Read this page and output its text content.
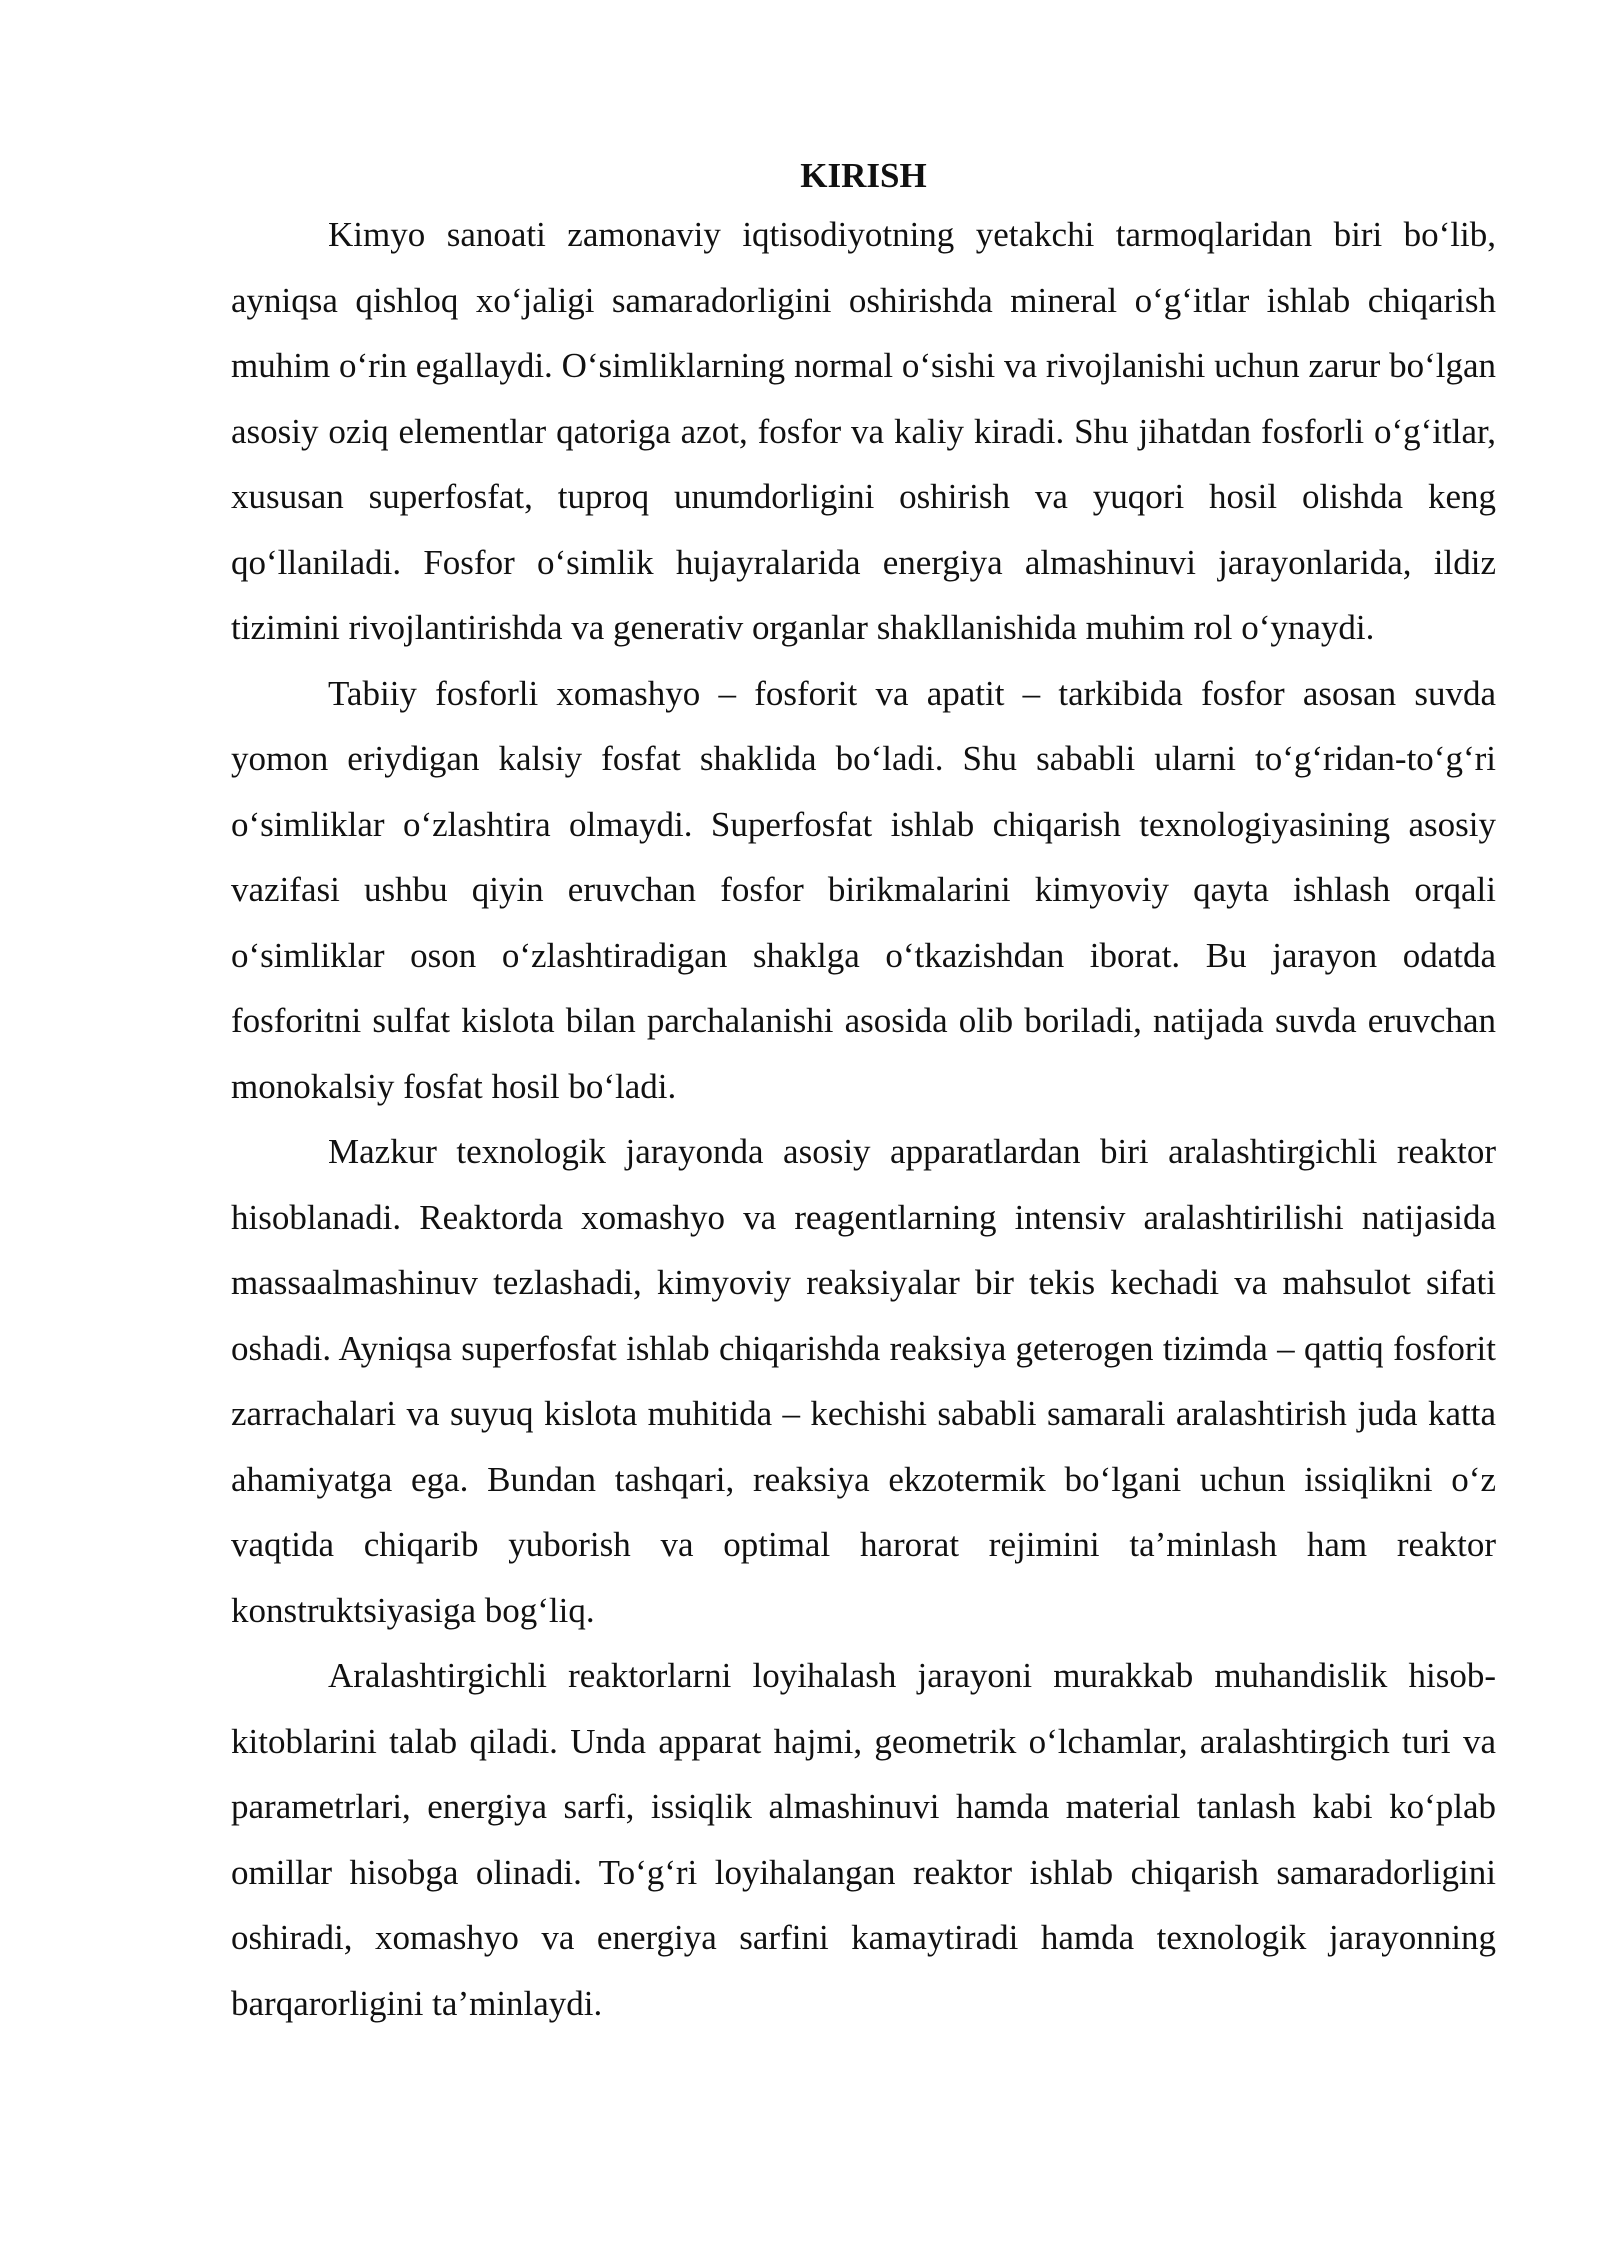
KIRISH

Kimyo sanoati zamonaviy iqtisodiyotning yetakchi tarmoqlaridan biri bo‘lib, ayniqsa qishloq xo‘jaligi samaradorligini oshirishda mineral o‘g‘itlar ishlab chiqarish muhim o‘rin egallaydi. O‘simliklarning normal o‘sishi va rivojlanishi uchun zarur bo‘lgan asosiy oziq elementlar qatoriga azot, fosfor va kaliy kiradi. Shu jihatdan fosforli o‘g‘itlar, xususan superfosfat, tuproq unumdorligini oshirish va yuqori hosil olishda keng qo‘llaniladi. Fosfor o‘simlik hujayralarida energiya almashinuvi jarayonlarida, ildiz tizimini rivojlantirishda va generativ organlar shakllanishida muhim rol o‘ynaydi.

Tabiiy fosforli xomashyo – fosforit va apatit – tarkibida fosfor asosan suvda yomon eriydigan kalsiy fosfat shaklida bo‘ladi. Shu sababli ularni to‘g‘ridan-to‘g‘ri o‘simliklar o‘zlashtira olmaydi. Superfosfat ishlab chiqarish texnologiyasining asosiy vazifasi ushbu qiyin eruvchan fosfor birikmalarini kimyoviy qayta ishlash orqali o‘simliklar oson o‘zlashtiradigan shaklga o‘tkazishdan iborat. Bu jarayon odatda fosforitni sulfat kislota bilan parchalanishi asosida olib boriladi, natijada suvda eruvchan monokalsiy fosfat hosil bo‘ladi.

Mazkur texnologik jarayonda asosiy apparatlardan biri aralashtirgichli reaktor hisoblanadi. Reaktorda xomashyo va reagentlarning intensiv aralashtirilishi natijasida massaalmashinuv tezlashadi, kimyoviy reaksiyalar bir tekis kechadi va mahsulot sifati oshadi. Ayniqsa superfosfat ishlab chiqarishda reaksiya geterogen tizimda – qattiq fosforit zarrachalari va suyuq kislota muhitida – kechishi sababli samarali aralashtirish juda katta ahamiyatga ega. Bundan tashqari, reaksiya ekzotermik bo‘lgani uchun issiqlikni o‘z vaqtida chiqarib yuborish va optimal harorat rejimini ta’minlash ham reaktor konstruktsiyasiga bog‘liq.

Aralashtirgichli reaktorlarni loyihalash jarayoni murakkab muhandislik hisob-kitoblarini talab qiladi. Unda apparat hajmi, geometrik o‘lchamlar, aralashtirgich turi va parametrlari, energiya sarfi, issiqlik almashinuvi hamda material tanlash kabi ko‘plab omillar hisobga olinadi. To‘g‘ri loyihalangan reaktor ishlab chiqarish samaradorligini oshiradi, xomashyo va energiya sarfini kamaytiradi hamda texnologik jarayonning barqarorligini ta’minlaydi.
